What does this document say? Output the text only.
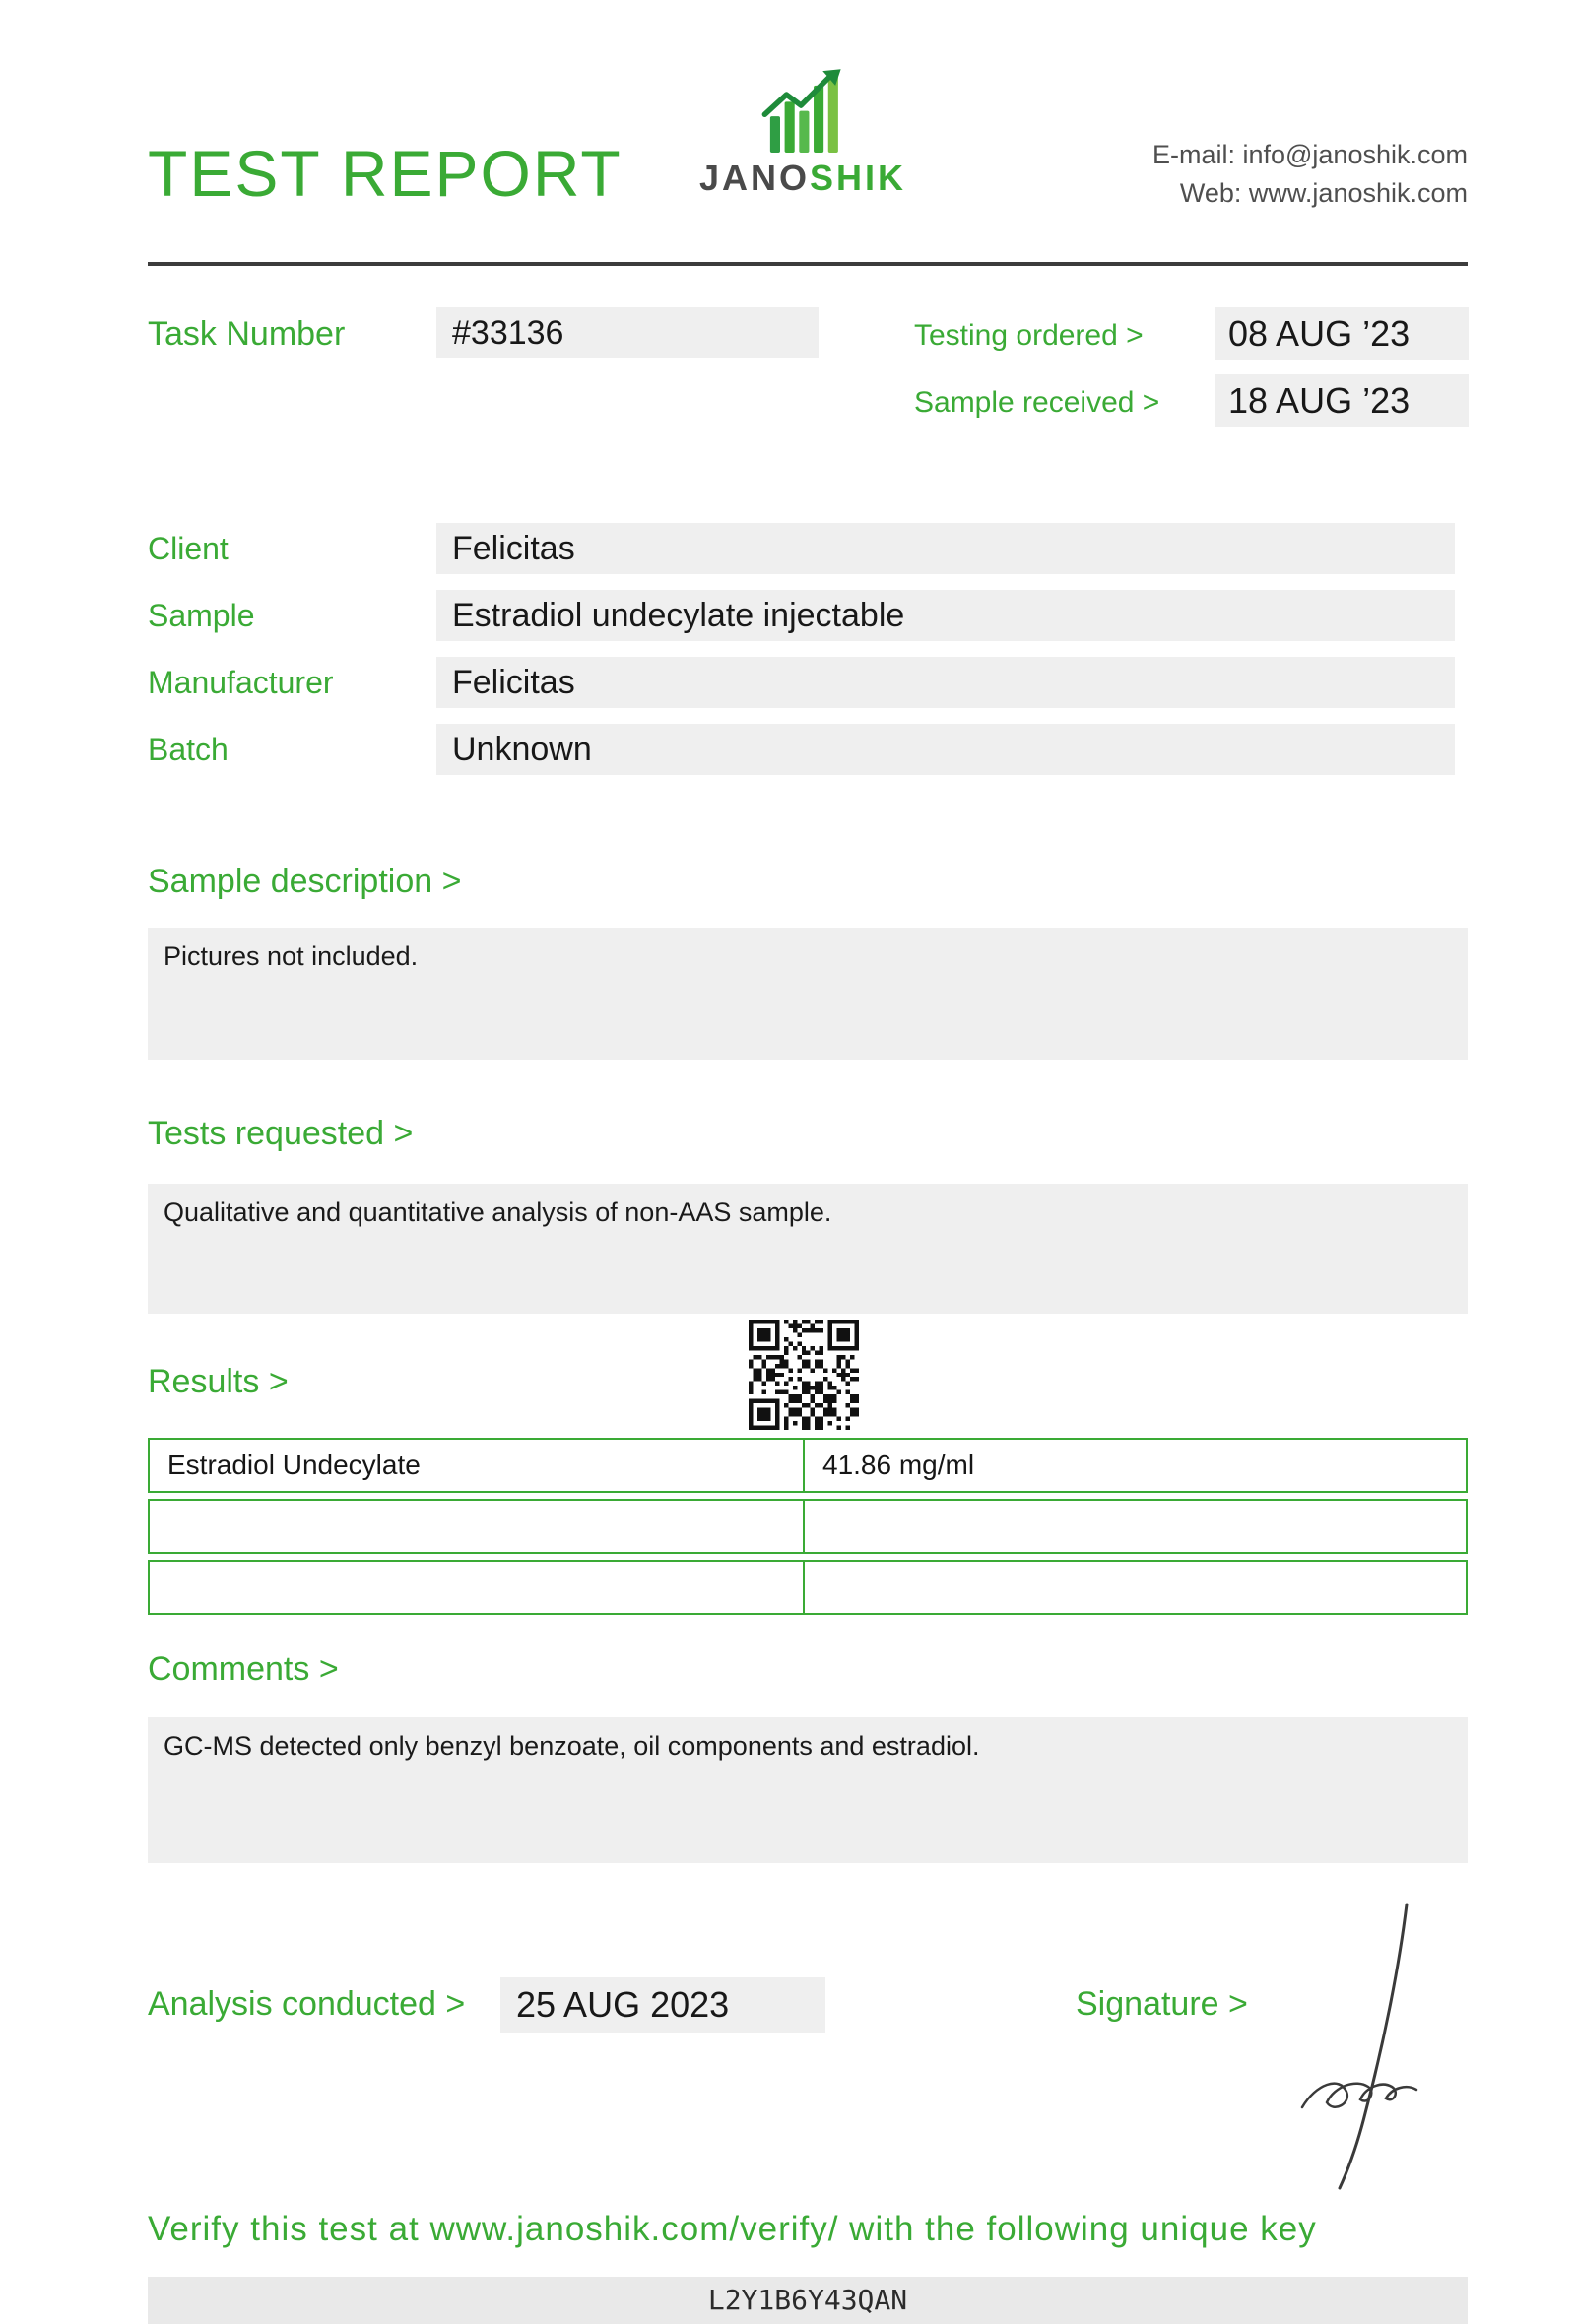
TEST REPORT	JANOSHIK
E-mail: info@janoshik.com
Web: www.janoshik.com
Task Number	#33136	Testing ordered >	08 AUG ’23
Sample received >	18 AUG ’23
Client	Felicitas
Sample	Estradiol undecylate injectable
Manufacturer	Felicitas
Batch	Unknown
Sample description >
Pictures not included.
Tests requested >
Qualitative and quantitative analysis of non-AAS sample.
Results >
Estradiol Undecylate	41.86 mg/ml
Comments >
GC-MS detected only benzyl benzoate, oil components and estradiol.
Analysis conducted >	25 AUG 2023	Signature >
Verify this test at www.janoshik.com/verify/ with the following unique key
L2Y1B6Y43QAN
